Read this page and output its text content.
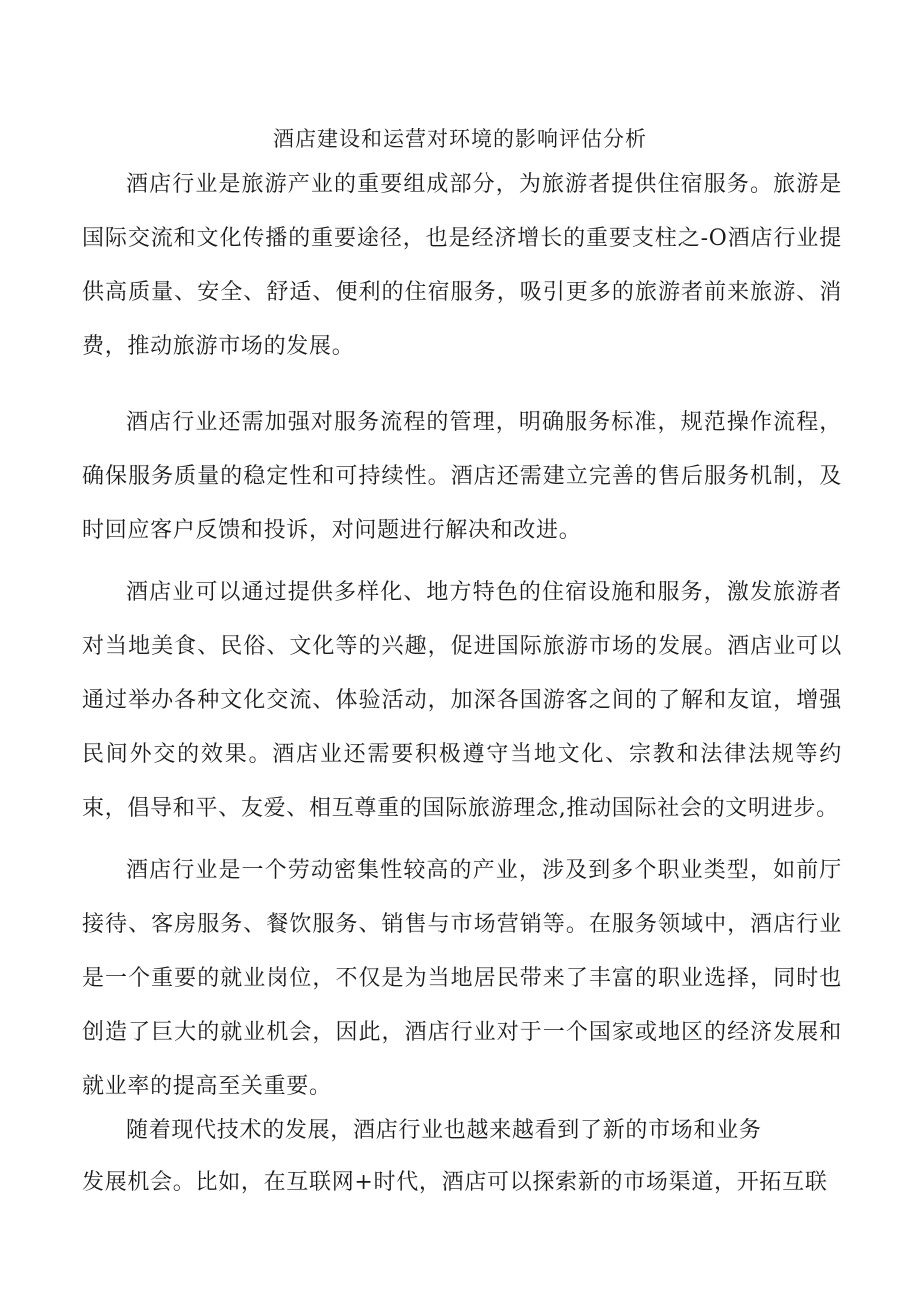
酒店建设和运营对环境的影响评估分析

酒店行业是旅游产业的重要组成部分，为旅游者提供住宿服务。旅游是国际交流和文化传播的重要途径，也是经济增长的重要支柱之-O酒店行业提供高质量、安全、舒适、便利的住宿服务，吸引更多的旅游者前来旅游、消费，推动旅游市场的发展。

酒店行业还需加强对服务流程的管理，明确服务标准，规范操作流程，确保服务质量的稳定性和可持续性。酒店还需建立完善的售后服务机制，及时回应客户反馈和投诉，对问题进行解决和改进。

酒店业可以通过提供多样化、地方特色的住宿设施和服务，激发旅游者对当地美食、民俗、文化等的兴趣，促进国际旅游市场的发展。酒店业可以通过举办各种文化交流、体验活动，加深各国游客之间的了解和友谊，增强民间外交的效果。酒店业还需要积极遵守当地文化、宗教和法律法规等约束，倡导和平、友爱、相互尊重的国际旅游理念,推动国际社会的文明进步。

酒店行业是一个劳动密集性较高的产业，涉及到多个职业类型，如前厅接待、客房服务、餐饮服务、销售与市场营销等。在服务领域中，酒店行业是一个重要的就业岗位，不仅是为当地居民带来了丰富的职业选择，同时也创造了巨大的就业机会，因此，酒店行业对于一个国家或地区的经济发展和就业率的提高至关重要。

随着现代技术的发展，酒店行业也越来越看到了新的市场和业务
发展机会。比如，在互联网+时代，酒店可以探索新的市场渠道，开拓互联
